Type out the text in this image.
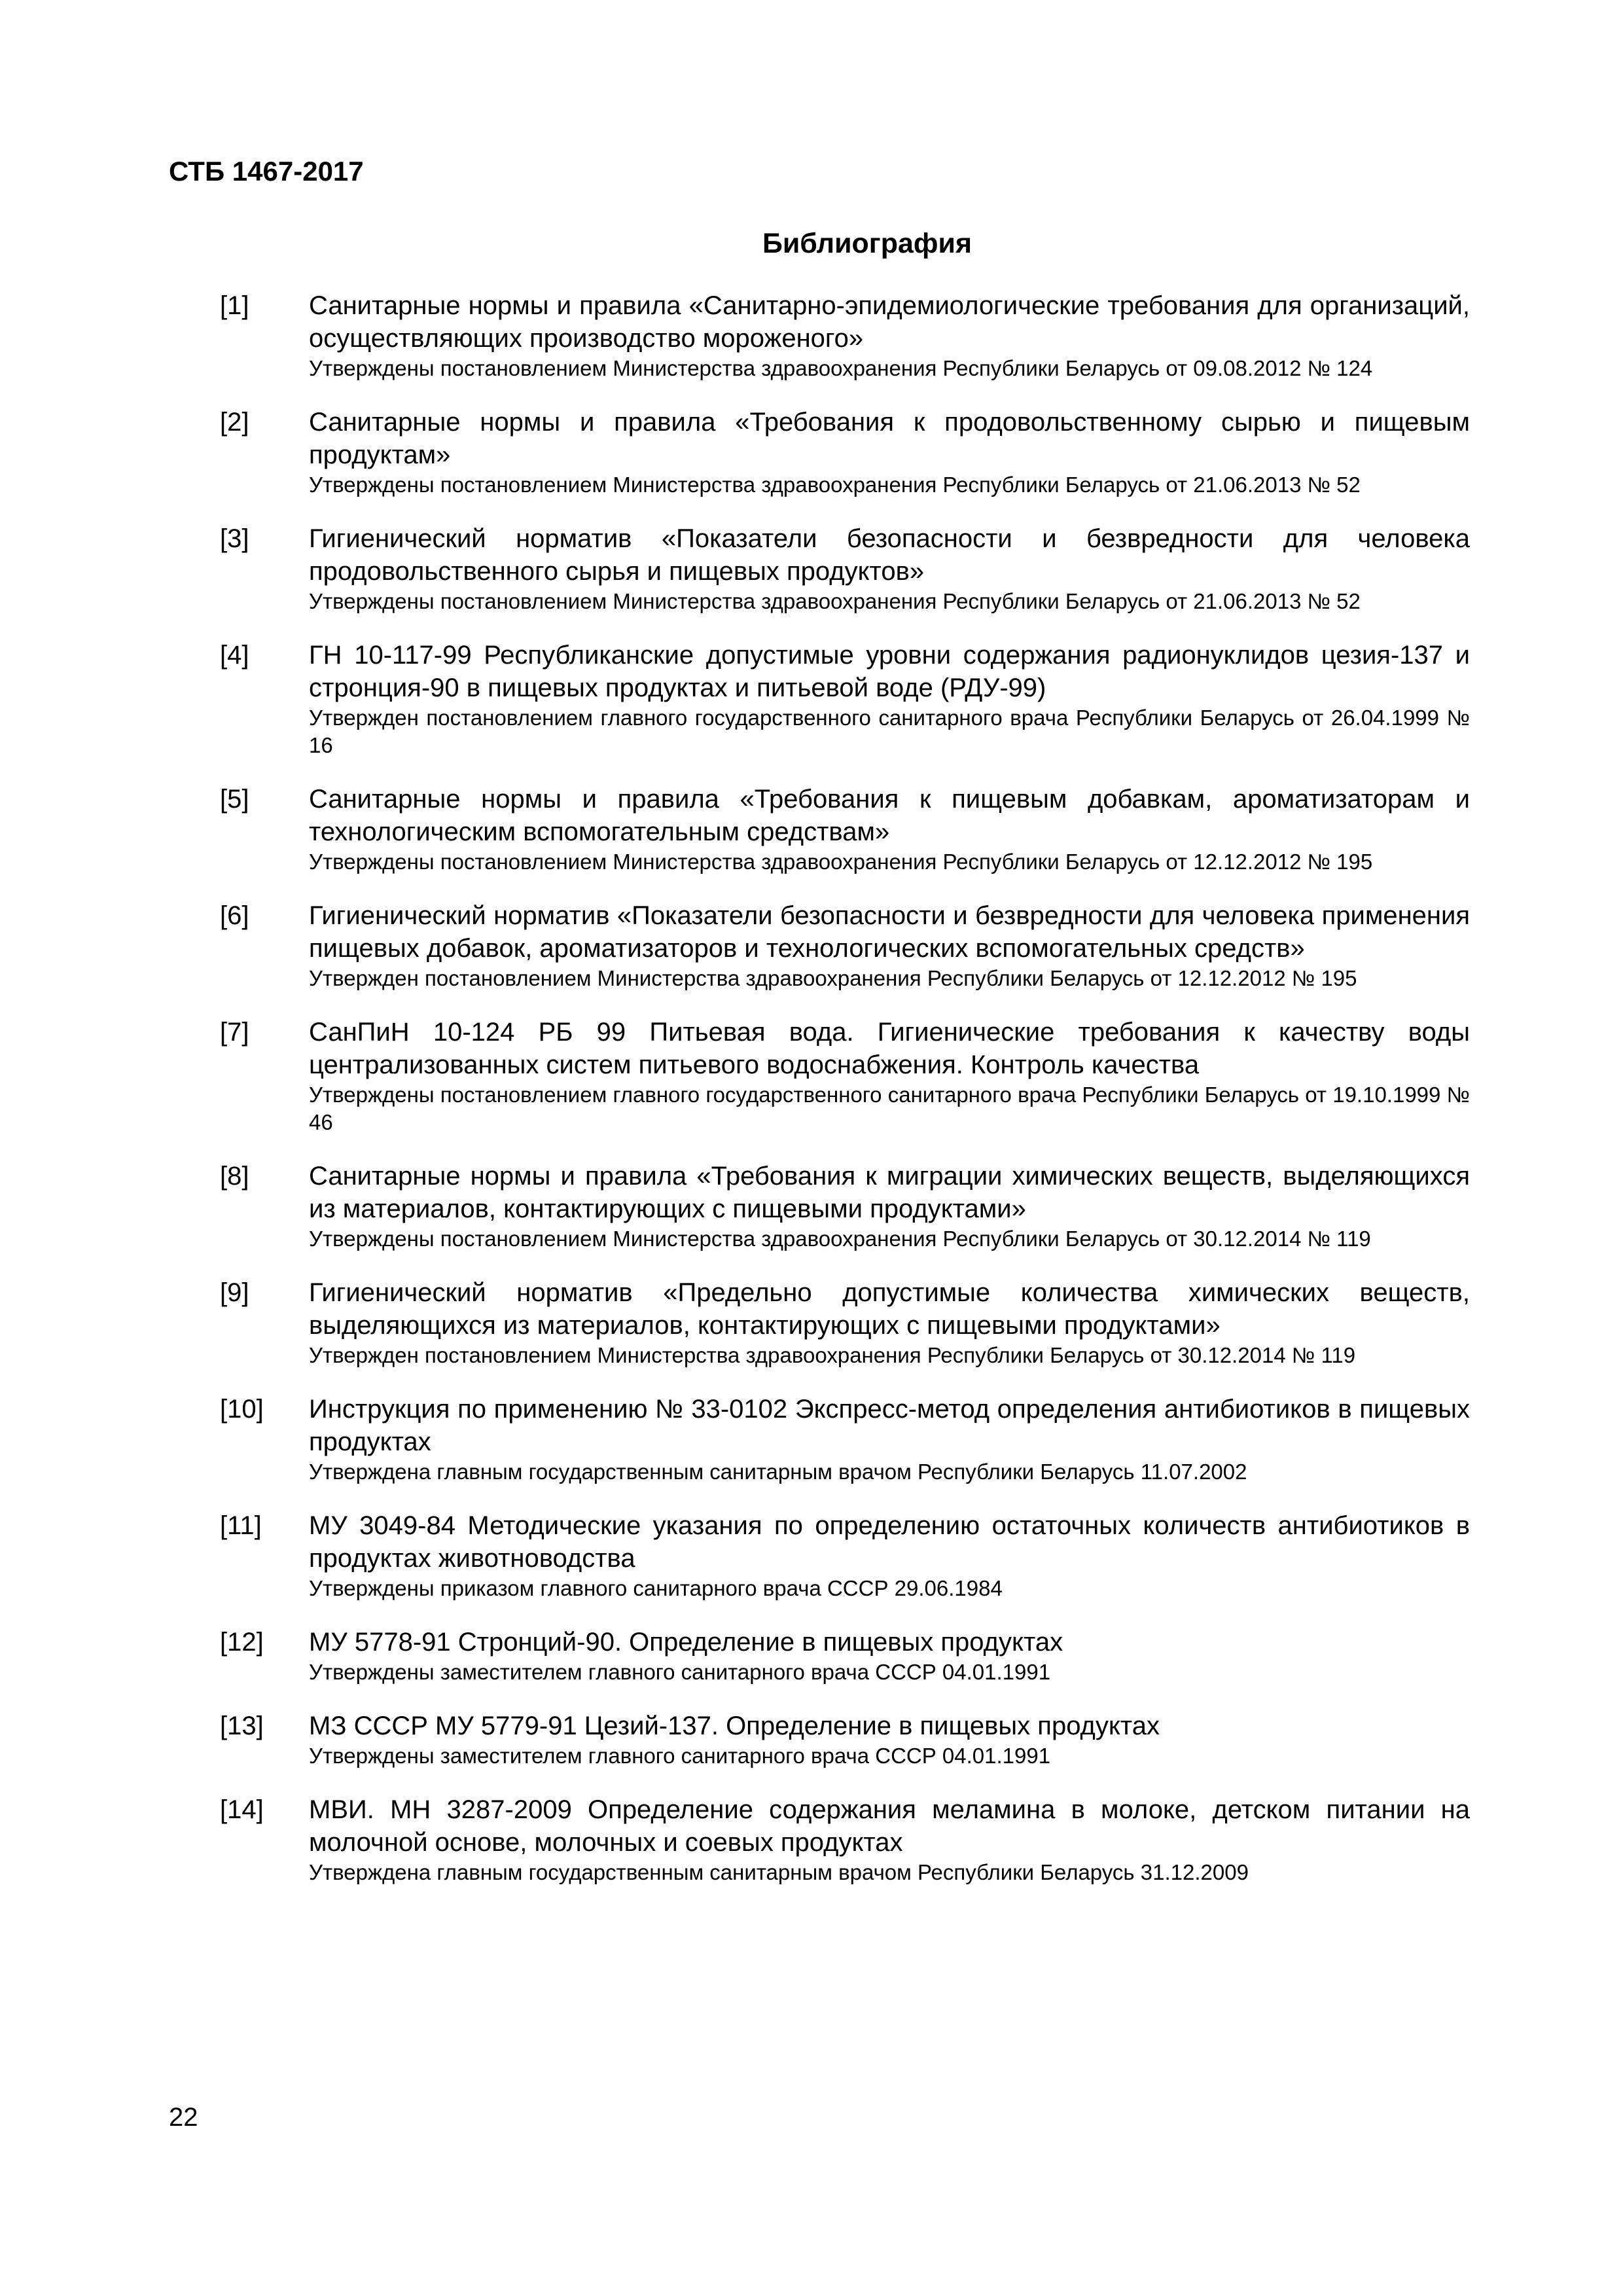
СТБ 1467-2017
Библиография
[1]	Санитарные нормы и правила «Санитарно-эпидемиологические требования для организаций, осуществляющих производство мороженого»

Утверждены постановлением Министерства здравоохранения Республики Беларусь от 09.08.2012 № 124

[2]	Санитарные нормы и правила «Требования к продовольственному сырью и пищевым продуктам»

Утверждены постановлением Министерства здравоохранения Республики Беларусь от 21.06.2013 № 52

[3]	Гигиенический норматив «Показатели безопасности и безвредности для человека продовольственного сырья и пищевых продуктов»

Утверждены постановлением Министерства здравоохранения Республики Беларусь от 21.06.2013 № 52

[4]	ГН 10-117-99 Республиканские допустимые уровни содержания радионуклидов цезия-137 и стронция-90 в пищевых продуктах и питьевой воде (РДУ-99)

Утвержден постановлением главного государственного санитарного врача Республики Беларусь от 26.04.1999 № 16

[5]	Санитарные нормы и правила «Требования к пищевым добавкам, ароматизаторам и технологическим вспомогательным средствам»

Утверждены постановлением Министерства здравоохранения Республики Беларусь от 12.12.2012 № 195

[6]	Гигиенический норматив «Показатели безопасности и безвредности для человека применения пищевых добавок, ароматизаторов и технологических вспомогательных средств»

Утвержден постановлением Министерства здравоохранения Республики Беларусь от 12.12.2012 № 195

[7]	СанПиН 10-124 РБ 99 Питьевая вода. Гигиенические требования к качеству воды централизованных систем питьевого водоснабжения. Контроль качества

Утверждены постановлением главного государственного санитарного врача Республики Беларусь от 19.10.1999 № 46

[8]	Санитарные нормы и правила «Требования к миграции химических веществ, выделяющихся из материалов, контактирующих с пищевыми продуктами»

Утверждены постановлением Министерства здравоохранения Республики Беларусь от 30.12.2014 № 119

[9]	Гигиенический норматив «Предельно допустимые количества химических веществ, выделяющихся из материалов, контактирующих с пищевыми продуктами»

Утвержден постановлением Министерства здравоохранения Республики Беларусь от 30.12.2014 № 119

[10]	Инструкция по применению № 33-0102 Экспресс-метод определения антибиотиков в пищевых продуктах

Утверждена главным государственным санитарным врачом Республики Беларусь 11.07.2002

[11]	МУ 3049-84 Методические указания по определению остаточных количеств антибиотиков в продуктах животноводства

Утверждены приказом главного санитарного врача СССР 29.06.1984

[12]	МУ 5778-91 Стронций-90. Определение в пищевых продуктах

Утверждены заместителем главного санитарного врача СССР 04.01.1991

[13]	МЗ СССР МУ 5779-91 Цезий-137. Определение в пищевых продуктах

Утверждены заместителем главного санитарного врача СССР 04.01.1991

[14]	МВИ. МН 3287-2009 Определение содержания меламина в молоке, детском питании на молочной основе, молочных и соевых продуктах

Утверждена главным государственным санитарным врачом Республики Беларусь 31.12.2009

22
